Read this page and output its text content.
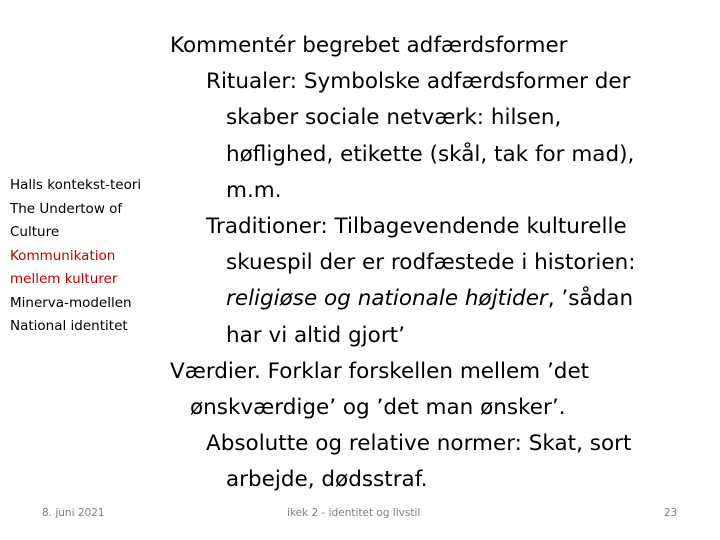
Halls kontekst-teori
The Undertow of
Culture
Kommunikation
mellem kulturer
Minerva-modellen
National identitet
Kommentér begrebet adfærdsformer
Ritualer: Symbolske adfærdsformer der
skaber sociale netværk: hilsen,
høflighed, etikette (skål, tak for mad),
m.m.
Traditioner: Tilbagevendende kulturelle
skuespil der er rodfæstede i historien:
religiøse og nationale højtider, ’sådan
har vi altid gjort’
Værdier. Forklar forskellen mellem ’det
ønskværdige’ og ’det man ønsker’.
Absolutte og relative normer: Skat, sort
arbejde, dødsstraf.
8. juni 2021	ikek 2 - identitet og livstil	23
